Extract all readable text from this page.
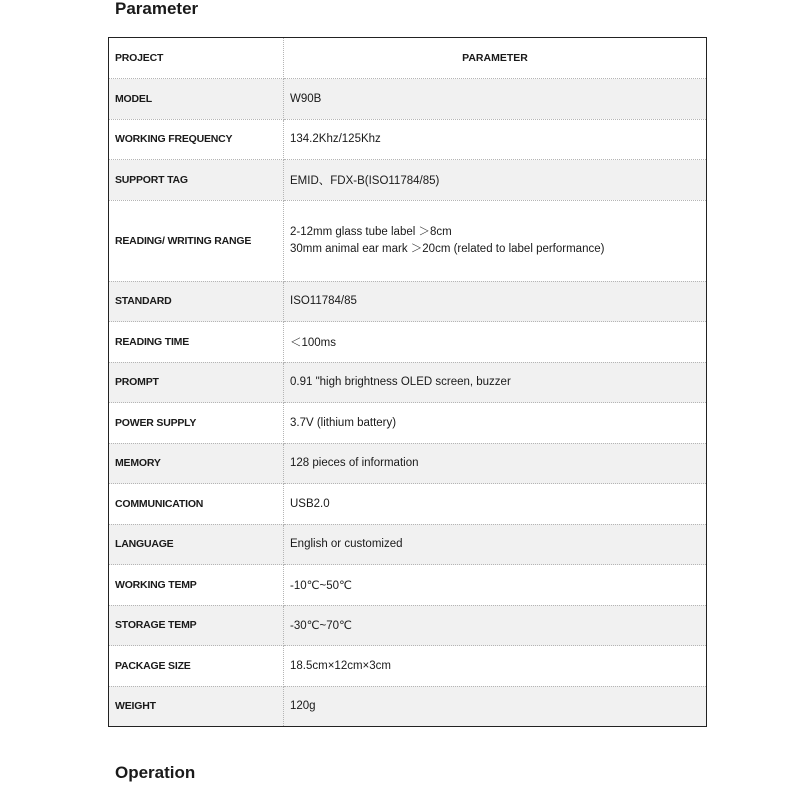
Parameter
PROJECT	PARAMETER
MODEL	W90B
WORKING FREQUENCY	134.2Khz/125Khz
SUPPORT TAG	EMID、FDX-B(ISO11784/85)
READING/ WRITING RANGE	2-12mm glass tube label ＞8cm
30mm animal ear mark ＞20cm (related to label performance)

STANDARD	ISO11784/85
READING TIME	＜100ms
PROMPT	0.91 "high brightness OLED screen, buzzer
POWER SUPPLY	3.7V (lithium battery)
MEMORY	128 pieces of information
COMMUNICATION	USB2.0
LANGUAGE	English or customized
WORKING TEMP	-10℃~50℃
STORAGE TEMP	-30℃~70℃
PACKAGE SIZE	18.5cm×12cm×3cm
WEIGHT	120g
Operation
